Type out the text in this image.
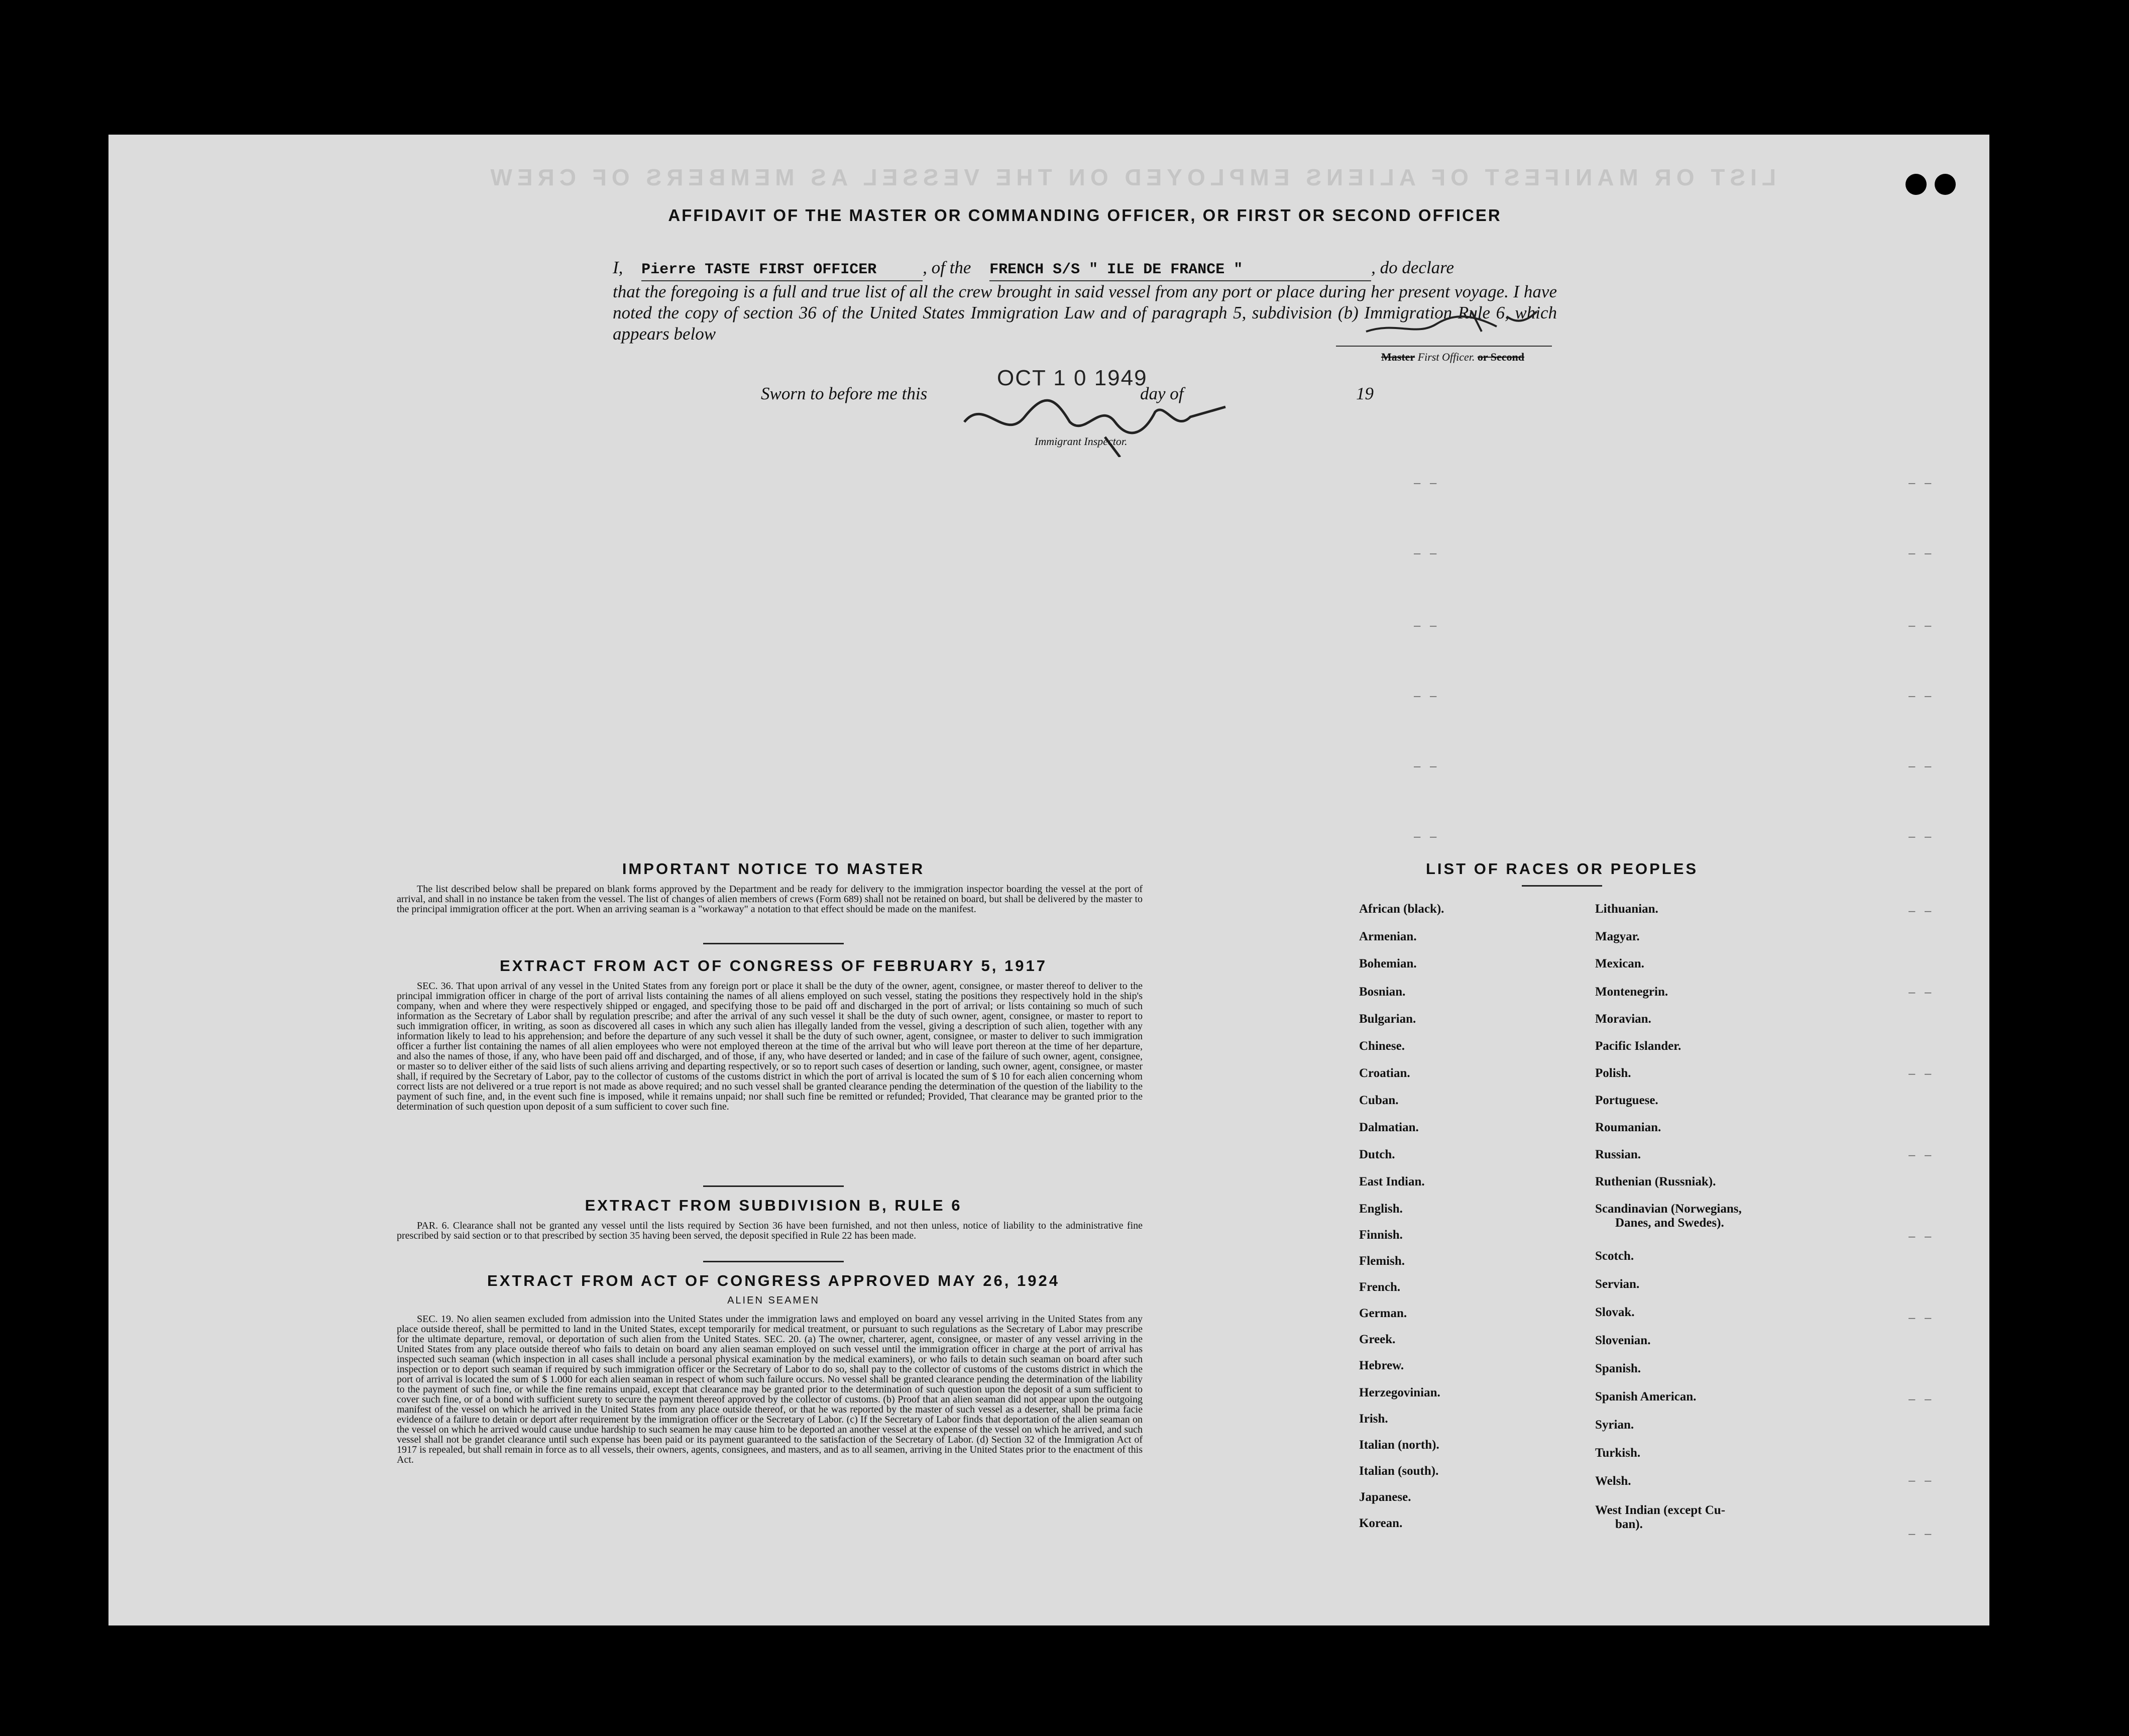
LIST OR MANIFEST OF ALIENS EMPLOYED ON THE VESSEL AS MEMBERS OF CREW
AFFIDAVIT OF THE MASTER OR COMMANDING OFFICER, OR FIRST OR SECOND OFFICER
I, Pierre TASTE FIRST OFFICER	, of the FRENCH S/S " ILE DE FRANCE "	, do declare
that the foregoing is a full and true list of all the crew brought in said vessel from any port or place during her present voyage. I have noted the copy of section 36 of the United States Immigration Law and of paragraph 5, subdivision (b) Immigration Rule 6, which appears below
Master First Officer. or Second
Sworn to before me this
OCT 1 0 1949
day of	19
Immigrant Inspector.
– –	– –
– –	– –
– –	– –
– –	– –
– –	– –
– –	– –
IMPORTANT NOTICE TO MASTER
The list described below shall be prepared on blank forms approved by the Department and be ready for delivery to the immigration inspector boarding the vessel at the port of arrival, and shall in no instance be taken from the vessel. The list of changes of alien members of crews (Form 689) shall not be retained on board, but shall be delivered by the master to the principal immigration officer at the port. When an arriving seaman is a "workaway" a notation to that effect should be made on the manifest.
EXTRACT FROM ACT OF CONGRESS OF FEBRUARY 5, 1917
SEC. 36. That upon arrival of any vessel in the United States from any foreign port or place it shall be the duty of the owner, agent, consignee, or master thereof to deliver to the principal immigration officer in charge of the port of arrival lists containing the names of all aliens employed on such vessel, stating the positions they respectively hold in the ship's company, when and where they were respectively shipped or engaged, and specifying those to be paid off and discharged in the port of arrival; or lists containing so much of such information as the Secretary of Labor shall by regulation prescribe; and after the arrival of any such vessel it shall be the duty of such owner, agent, consignee, or master to report to such immigration officer, in writing, as soon as discovered all cases in which any such alien has illegally landed from the vessel, giving a description of such alien, together with any information likely to lead to his apprehension; and before the departure of any such vessel it shall be the duty of such owner, agent, consignee, or master to deliver to such immigration officer a further list containing the names of all alien employees who were not employed thereon at the time of the arrival but who will leave port thereon at the time of her departure, and also the names of those, if any, who have been paid off and discharged, and of those, if any, who have deserted or landed; and in case of the failure of such owner, agent, consignee, or master so to deliver either of the said lists of such aliens arriving and departing respectively, or so to report such cases of desertion or landing, such owner, agent, consignee, or master shall, if required by the Secretary of Labor, pay to the collector of customs of the customs district in which the port of arrival is located the sum of $ 10 for each alien concerning whom correct lists are not delivered or a true report is not made as above required; and no such vessel shall be granted clearance pending the determination of the question of the liability to the payment of such fine, and, in the event such fine is imposed, while it remains unpaid; nor shall such fine be remitted or refunded; Provided, That clearance may be granted prior to the determination of such question upon deposit of a sum sufficient to cover such fine.
EXTRACT FROM SUBDIVISION B, RULE 6
PAR. 6. Clearance shall not be granted any vessel until the lists required by Section 36 have been furnished, and not then unless, notice of liability to the administrative fine prescribed by said section or to that prescribed by section 35 having been served, the deposit specified in Rule 22 has been made.
EXTRACT FROM ACT OF CONGRESS APPROVED MAY 26, 1924
ALIEN SEAMEN
SEC. 19. No alien seamen excluded from admission into the United States under the immigration laws and employed on board any vessel arriving in the United States from any place outside thereof, shall be permitted to land in the United States, except temporarily for medical treatment, or pursuant to such regulations as the Secretary of Labor may prescribe for the ultimate departure, removal, or deportation of such alien from the United States. SEC. 20. (a) The owner, charterer, agent, consignee, or master of any vessel arriving in the United States from any place outside thereof who fails to detain on board any alien seaman employed on such vessel until the immigration officer in charge at the port of arrival has inspected such seaman (which inspection in all cases shall include a personal physical examination by the medical examiners), or who fails to detain such seaman on board after such inspection or to deport such seaman if required by such immigration officer or the Secretary of Labor to do so, shall pay to the collector of customs of the customs district in which the port of arrival is located the sum of $ 1.000 for each alien seaman in respect of whom such failure occurs. No vessel shall be granted clearance pending the determination of the liability to the payment of such fine, or while the fine remains unpaid, except that clearance may be granted prior to the determination of such question upon the deposit of a sum sufficient to cover such fine, or of a bond with sufficient surety to secure the payment thereof approved by the collector of customs. (b) Proof that an alien seaman did not appear upon the outgoing manifest of the vessel on which he arrived in the United States from any place outside thereof, or that he was reported by the master of such vessel as a deserter, shall be prima facie evidence of a failure to detain or deport after requirement by the immigration officer or the Secretary of Labor. (c) If the Secretary of Labor finds that deportation of the alien seaman on the vessel on which he arrived would cause undue hardship to such seamen he may cause him to be deported an another vessel at the expense of the vessel on which he arrived, and such vessel shall not be grandet clearance until such expense has been paid or its payment guaranteed to the satisfaction of the Secretary of Labor. (d) Section 32 of the Immigration Act of 1917 is repealed, but shall remain in force as to all vessels, their owners, agents, consignees, and masters, and as to all seamen, arriving in the United States prior to the enactment of this Act.
LIST OF RACES OR PEOPLES
African (black).
Armenian.
Bohemian.
Bosnian.
Bulgarian.
Chinese.
Croatian.
Cuban.
Dalmatian.
Dutch.
East Indian.
English.
Finnish.
Flemish.
French.
German.
Greek.
Hebrew.
Herzegovinian.
Irish.
Italian (north).
Italian (south).
Japanese.
Korean.
Lithuanian.
Magyar.
Mexican.
Montenegrin.
Moravian.
Pacific Islander.
Polish.
Portuguese.
Roumanian.
Russian.
Ruthenian (Russniak).
Scandinavian (Norwegians,
Danes, and Swedes).
Scotch.
Servian.
Slovak.
Slovenian.
Spanish.
Spanish American.
Syrian.
Turkish.
Welsh.
West Indian (except Cu-
ban).
– –
– –
– –
– –
– –
– –
– –
– –
– –
